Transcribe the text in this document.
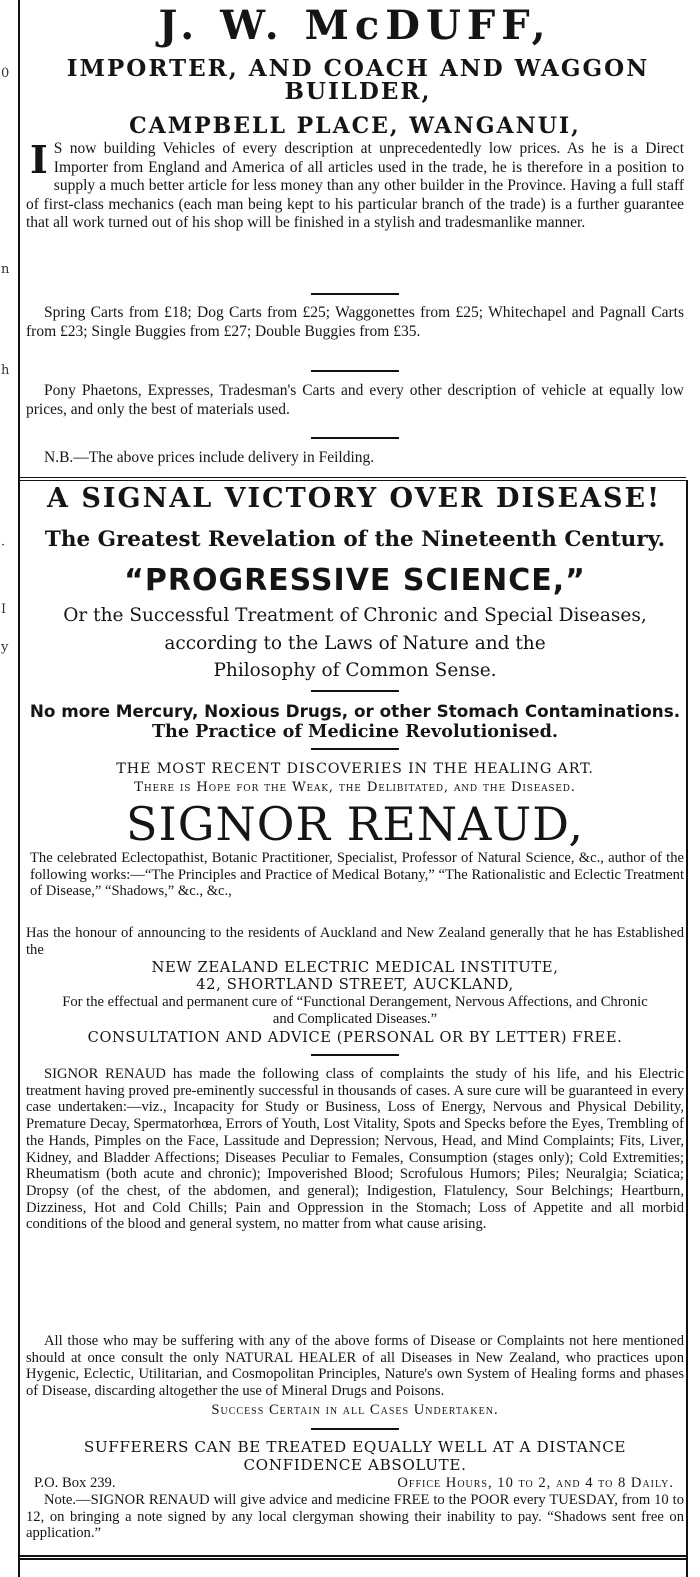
0
n
h
·
I
y
J. W. McDUFF,
IMPORTER, AND COACH AND WAGGON BUILDER,
CAMPBELL PLACE, WANGANUI,
I S now building Vehicles of every description at unprecedentedly low prices. As he is a Direct Importer from England and America of all articles used in the trade, he is therefore in a position to supply a much better article for less money than any other builder in the Province. Having a full staff of first-class mechanics (each man being kept to his particular branch of the trade) is a further guarantee that all work turned out of his shop will be finished in a stylish and tradesmanlike manner.
Spring Carts from £18; Dog Carts from £25; Waggonettes from £25; Whitechapel and Pagnall Carts from £23; Single Buggies from £27; Double Buggies from £35.
Pony Phaetons, Expresses, Tradesman's Carts and every other description of vehicle at equally low prices, and only the best of materials used.
N.B.—The above prices include delivery in Feilding.
A SIGNAL VICTORY OVER DISEASE!
The Greatest Revelation of the Nineteenth Century.
“PROGRESSIVE SCIENCE,”
Or the Successful Treatment of Chronic and Special Diseases,
according to the Laws of Nature and the
Philosophy of Common Sense.
No more Mercury, Noxious Drugs, or other Stomach Contaminations.
The Practice of Medicine Revolutionised.
THE MOST RECENT DISCOVERIES IN THE HEALING ART.
There is Hope for the Weak, the Delibitated, and the Diseased.
SIGNOR RENAUD,
The celebrated Eclectopathist, Botanic Practitioner, Specialist, Professor of Natural Science, &c., author of the following works:—“The Principles and Practice of Medical Botany,” “The Rationalistic and Eclectic Treatment of Disease,” “Shadows,” &c., &c.,
Has the honour of announcing to the residents of Auckland and New Zealand generally that he has Established the
NEW ZEALAND ELECTRIC MEDICAL INSTITUTE,
42, SHORTLAND STREET, AUCKLAND,
For the effectual and permanent cure of “Functional Derangement, Nervous Affections, and Chronic and Complicated Diseases.”
CONSULTATION AND ADVICE (PERSONAL OR BY LETTER) FREE.
SIGNOR RENAUD has made the following class of complaints the study of his life, and his Electric treatment having proved pre-eminently successful in thousands of cases. A sure cure will be guaranteed in every case undertaken:—viz., Incapacity for Study or Business, Loss of Energy, Nervous and Physical Debility, Premature Decay, Spermatorhœa, Errors of Youth, Lost Vitality, Spots and Specks before the Eyes, Trembling of the Hands, Pimples on the Face, Lassitude and Depression; Nervous, Head, and Mind Complaints; Fits, Liver, Kidney, and Bladder Affections; Diseases Peculiar to Females, Consumption (stages only); Cold Extremities; Rheumatism (both acute and chronic); Impoverished Blood; Scrofulous Humors; Piles; Neuralgia; Sciatica; Dropsy (of the chest, of the abdomen, and general); Indigestion, Flatulency, Sour Belchings; Heartburn, Dizziness, Hot and Cold Chills; Pain and Oppression in the Stomach; Loss of Appetite and all morbid conditions of the blood and general system, no matter from what cause arising.
All those who may be suffering with any of the above forms of Disease or Complaints not here mentioned should at once consult the only NATURAL HEALER of all Diseases in New Zealand, who practices upon Hygenic, Eclectic, Utilitarian, and Cosmopolitan Principles, Nature's own System of Healing forms and phases of Disease, discarding altogether the use of Mineral Drugs and Poisons.
Success Certain in all Cases Undertaken.
SUFFERERS CAN BE TREATED EQUALLY WELL AT A DISTANCE
CONFIDENCE ABSOLUTE.
P.O. Box 239.	Office Hours, 10 to 2, and 4 to 8 Daily.
Note.—SIGNOR RENAUD will give advice and medicine FREE to the POOR every TUESDAY, from 10 to 12, on bringing a note signed by any local clergyman showing their inability to pay. “Shadows sent free on application.”
